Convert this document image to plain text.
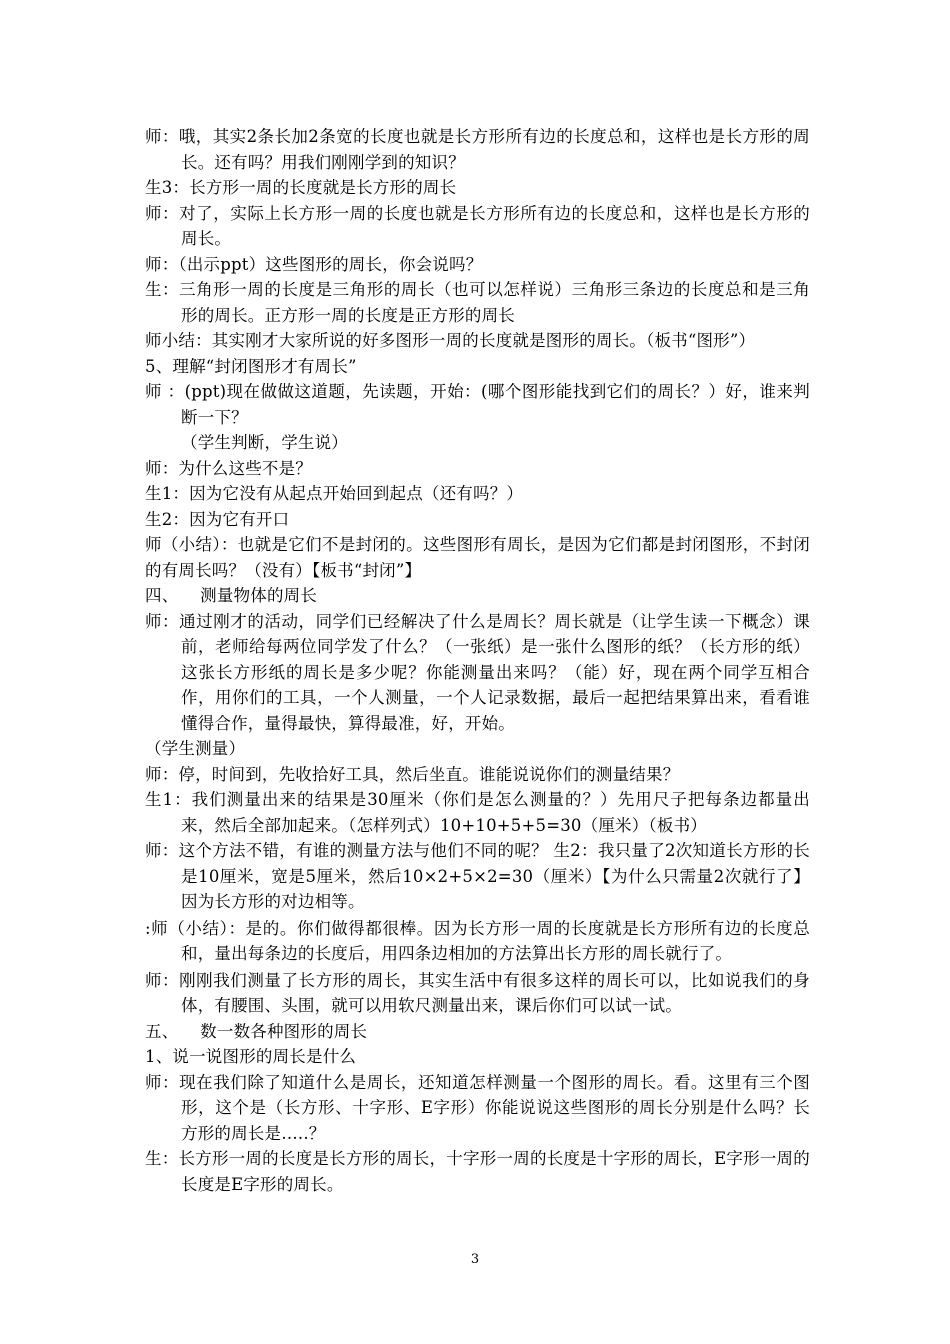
师：哦，其实2条长加2条宽的长度也就是长方形所有边的长度总和，这样也是长方形的周长。还有吗？用我们刚刚学到的知识？

生3：长方形一周的长度就是长方形的周长

师：对了，实际上长方形一周的长度也就是长方形所有边的长度总和，这样也是长方形的周长。

师：（出示ppt）这些图形的周长，你会说吗？

生：三角形一周的长度是三角形的周长（也可以怎样说）三角形三条边的长度总和是三角形的周长。正方形一周的长度是正方形的周长

师小结：其实刚才大家所说的好多图形一周的长度就是图形的周长。（板书“图形”）

5、理解“封闭图形才有周长”

师 ：(ppt)现在做做这道题，先读题，开始：(哪个图形能找到它们的周长？）好，谁来判断一下？

（学生判断，学生说）

师：为什么这些不是？

生1：因为它没有从起点开始回到起点（还有吗？）

生2：因为它有开口

师（小结）：也就是它们不是封闭的。这些图形有周长，是因为它们都是封闭图形，不封闭的有周长吗？（没有）【板书“封闭”】

四、    测量物体的周长

师：通过刚才的活动，同学们已经解决了什么是周长？周长就是（让学生读一下概念）课前，老师给每两位同学发了什么？（一张纸）是一张什么图形的纸？（长方形的纸）这张长方形纸的周长是多少呢？你能测量出来吗？（能）好，现在两个同学互相合作，用你们的工具，一个人测量，一个人记录数据，最后一起把结果算出来，看看谁懂得合作，量得最快，算得最准，好，开始。

（学生测量）

师：停，时间到，先收拾好工具，然后坐直。谁能说说你们的测量结果？

生1：我们测量出来的结果是30厘米（你们是怎么测量的？）先用尺子把每条边都量出来，然后全部加起来。（怎样列式）10+10+5+5=30（厘米）（板书）

师：这个方法不错，有谁的测量方法与他们不同的呢？ 生2：我只量了2次知道长方形的长是10厘米，宽是5厘米，然后10×2+5×2=30（厘米）【为什么只需量2次就行了】因为长方形的对边相等。

:师（小结）：是的。你们做得都很棒。因为长方形一周的长度就是长方形所有边的长度总和，量出每条边的长度后，用四条边相加的方法算出长方形的周长就行了。

师：刚刚我们测量了长方形的周长，其实生活中有很多这样的周长可以，比如说我们的身体，有腰围、头围，就可以用软尺测量出来，课后你们可以试一试。

五、    数一数各种图形的周长

1、说一说图形的周长是什么

师：现在我们除了知道什么是周长，还知道怎样测量一个图形的周长。看。这里有三个图形，这个是（长方形、十字形、E字形）你能说说这些图形的周长分别是什么吗？长方形的周长是…..？

生：长方形一周的长度是长方形的周长，十字形一周的长度是十字形的周长，E字形一周的长度是E字形的周长。

3
